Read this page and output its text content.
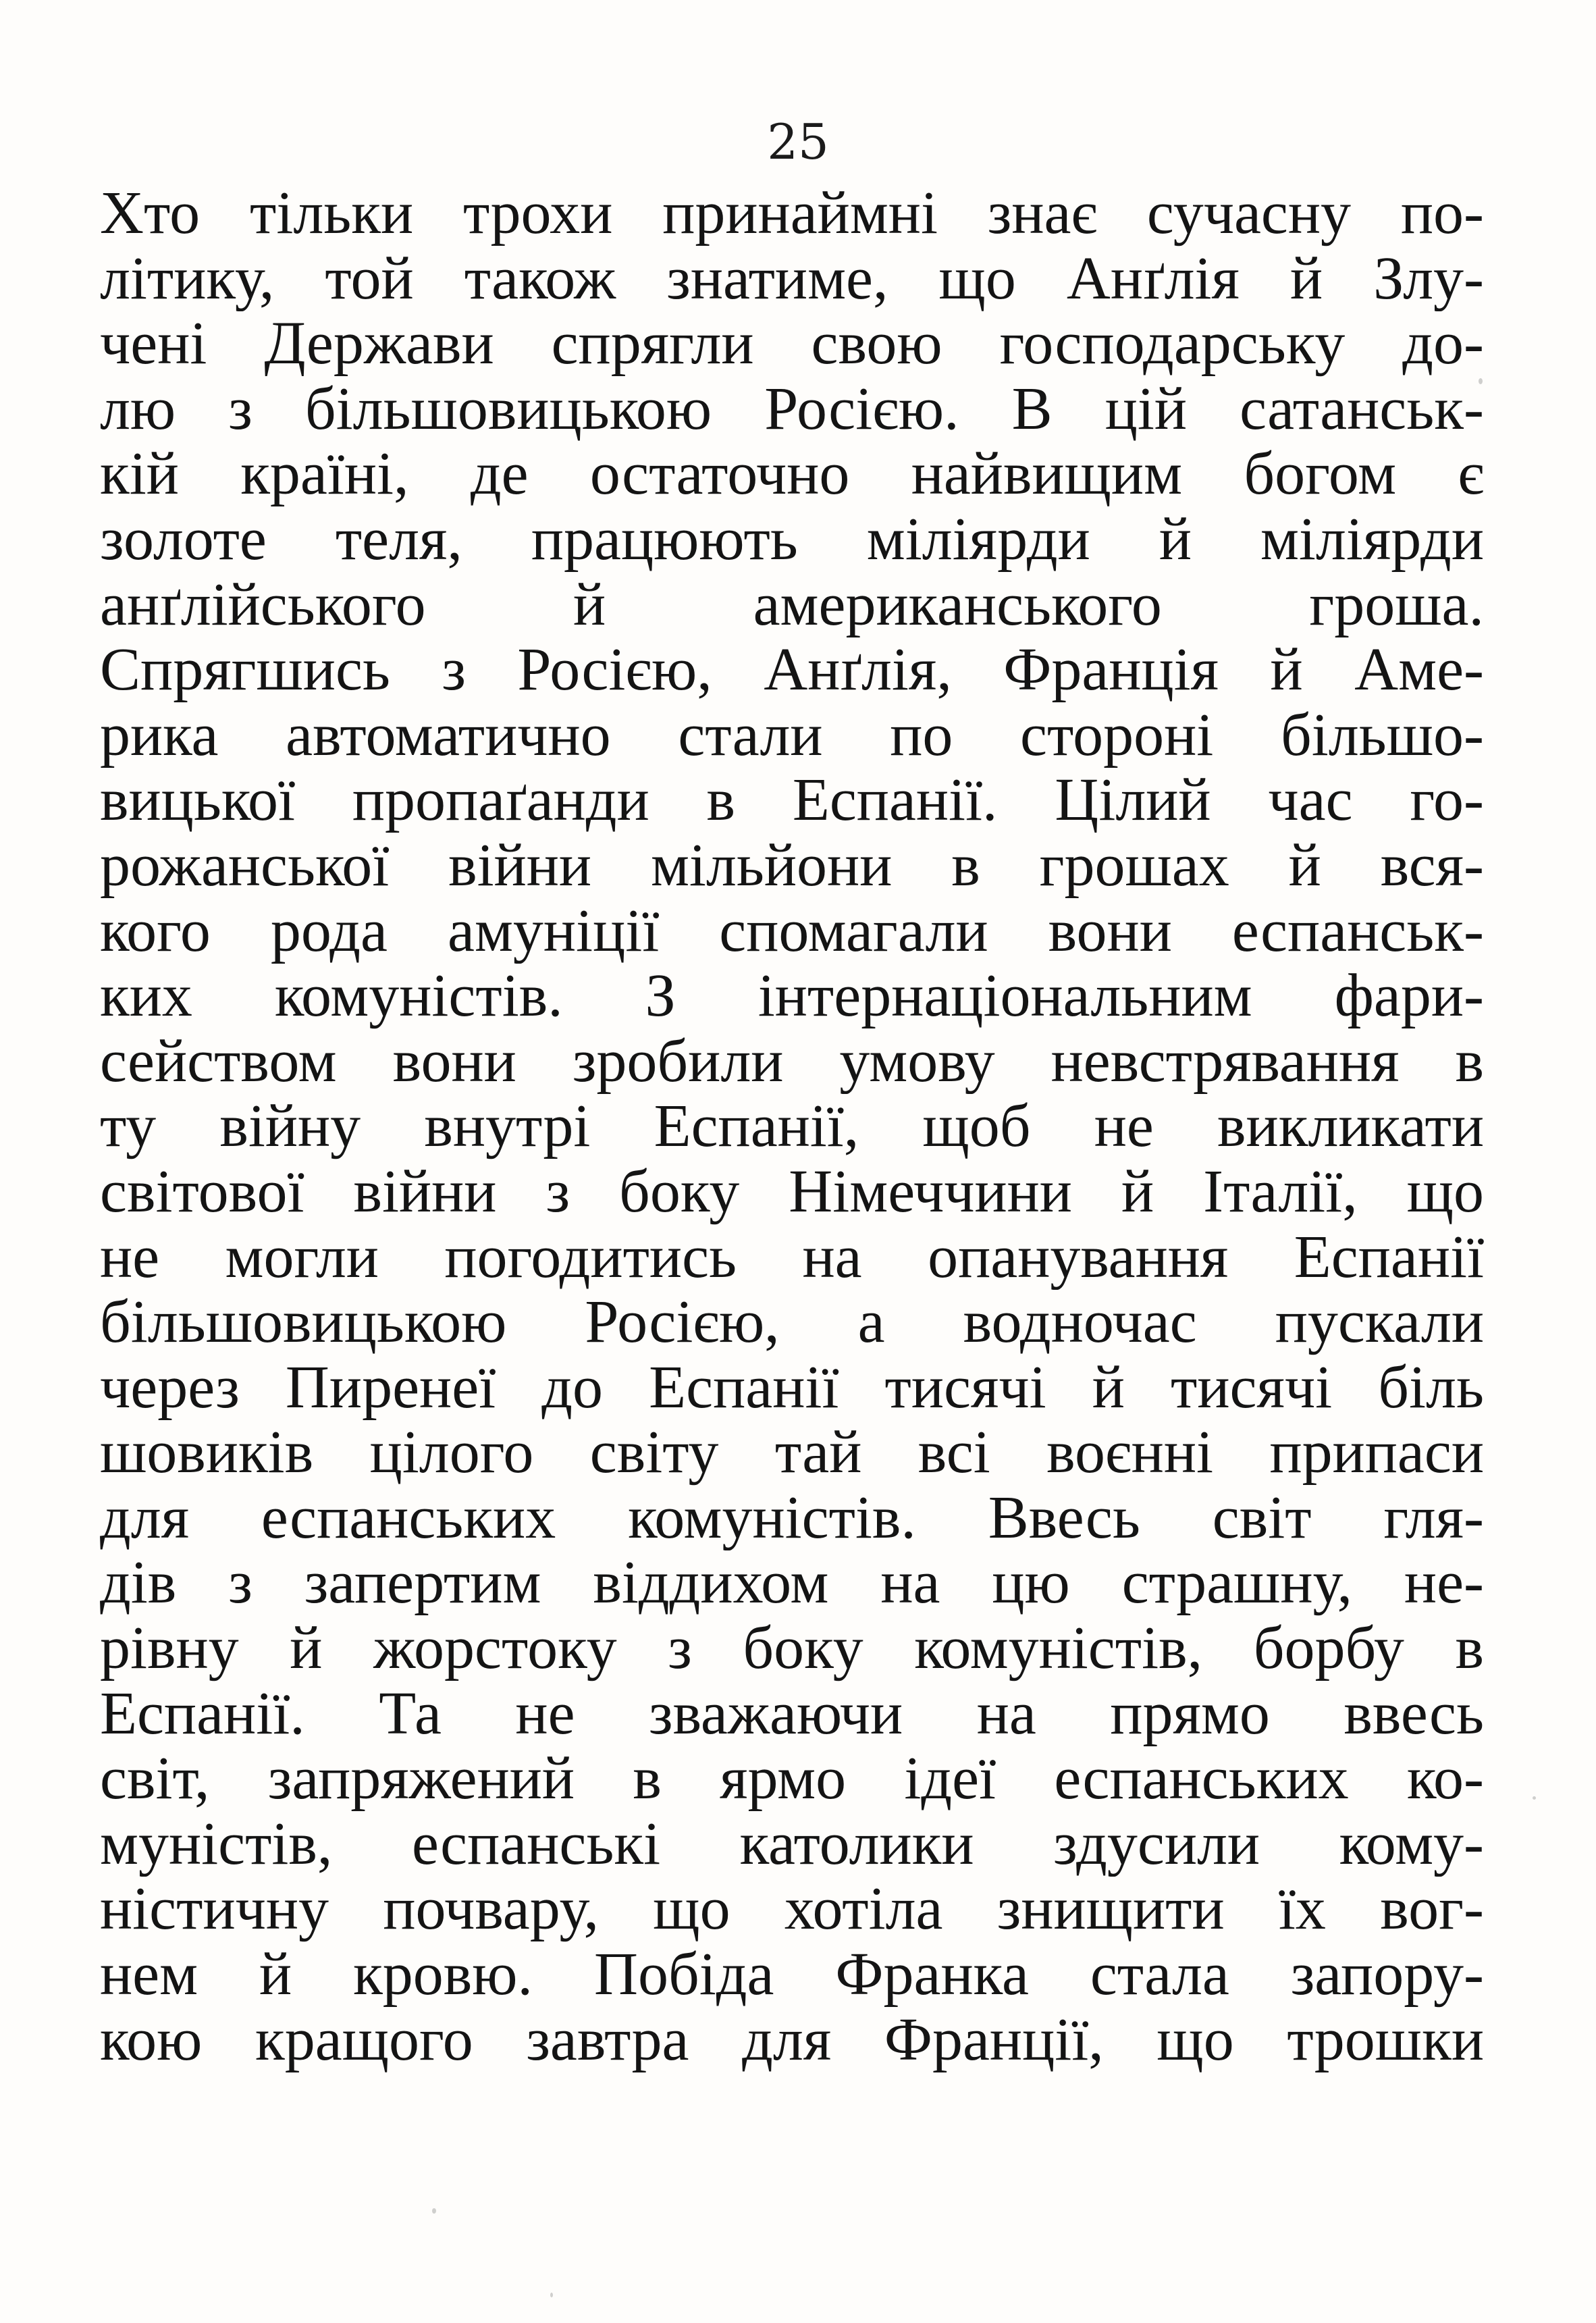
25
Хто тільки трохи принаймні знає сучасну по-
літику, той також знатиме, що Анґлія й Злу-
чені Держави спрягли свою господарську до-
лю з більшовицькою Росією. В цій сатанськ-
кій країні, де остаточно найвищим богом є
золоте теля, працюють міліярди й міліярди
анґлійського й американського гроша.
Спрягшись з Росією, Анґлія, Франція й Аме-
рика автоматично стали по стороні більшо-
вицької пропаґанди в Еспанії. Цілий час го-
рожанської війни мільйони в грошах й вся-
кого рода амуніції спомагали вони еспанськ-
ких комуністів. З інтернаціональним фари-
сейством вони зробили умову невстрявання в
ту війну внутрі Еспанії, щоб не викликати
світової війни з боку Німеччини й Італії, що
не могли погодитись на опанування Еспанії
більшовицькою Росією, а водночас пускали
через Пиренеї до Еспанії тисячі й тисячі біль
шовиків цілого світу тай всі воєнні припаси
для еспанських комуністів. Ввесь світ гля-
дів з запертим віддихом на цю страшну, не-
рівну й жорстоку з боку комуністів, борбу в
Еспанії. Та не зважаючи на прямо ввесь
світ, запряжений в ярмо ідеї еспанських ко-
муністів, еспанські католики здусили кому-
ністичну почвару, що хотіла знищити їх вог-
нем й кровю. Побіда Франка стала запору-
кою кращого завтра для Франції, що трошки
